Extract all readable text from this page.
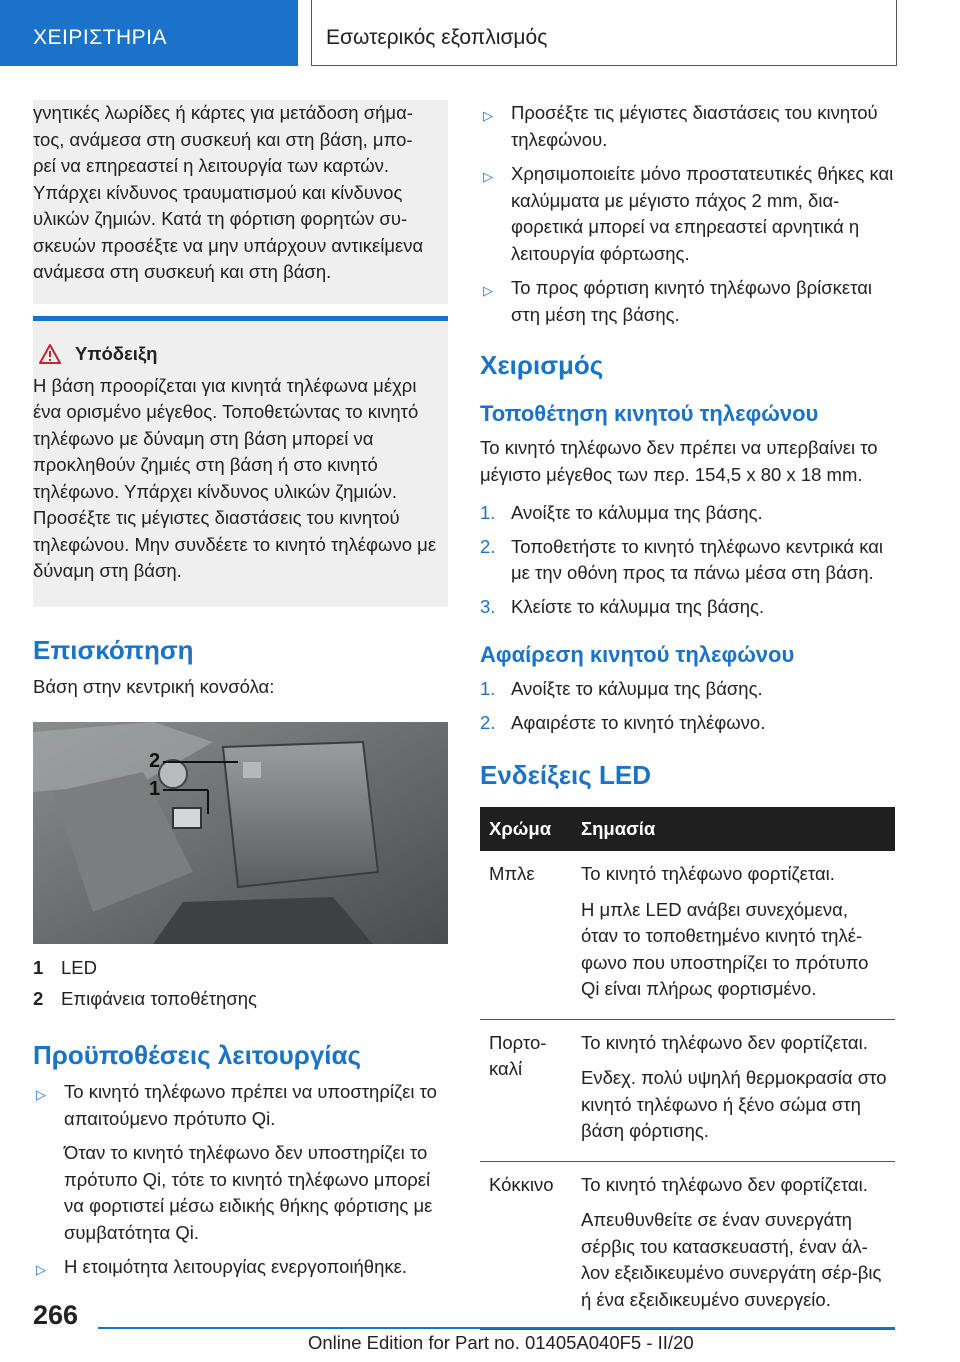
ΧΕΙΡΙΣΤΗΡΙΑ	Εσωτερικός εξοπλισμός

γνητικές λωρίδες ή κάρτες για μετάδοση σήμα-τος, ανάμεσα στη συσκευή και στη βάση, μπο-ρεί να επηρεαστεί η λειτουργία των καρτών. Υπάρχει κίνδυνος τραυματισμού και κίνδυνος υλικών ζημιών. Κατά τη φόρτιση φορητών συ-σκευών προσέξτε να μην υπάρχουν αντικείμενα ανάμεσα στη συσκευή και στη βάση.

Υπόδειξη

Η βάση προορίζεται για κινητά τηλέφωνα μέχρι ένα ορισμένο μέγεθος. Τοποθετώντας το κινητό τηλέφωνο με δύναμη στη βάση μπορεί να προκληθούν ζημιές στη βάση ή στο κινητό τηλέφωνο. Υπάρχει κίνδυνος υλικών ζημιών. Προσέξτε τις μέγιστες διαστάσεις του κινητού τηλεφώνου. Μην συνδέετε το κινητό τηλέφωνο με δύναμη στη βάση.

Επισκόπηση

Βάση στην κεντρική κονσόλα:

2
1
1 LED
2 Επιφάνεια τοποθέτησης
Προϋποθέσεις λειτουργίας
▷ Το κινητό τηλέφωνο πρέπει να υποστηρίζει το απαιτούμενο πρότυπο Qi.
Όταν το κινητό τηλέφωνο δεν υποστηρίζει το πρότυπο Qi, τότε το κινητό τηλέφωνο μπορεί να φορτιστεί μέσω ειδικής θήκης φόρτισης με συμβατότητα Qi.
▷ Η ετοιμότητα λειτουργίας ενεργοποιήθηκε.
▷ Προσέξτε τις μέγιστες διαστάσεις του κινητού τηλεφώνου.
▷ Χρησιμοποιείτε μόνο προστατευτικές θήκες και καλύμματα με μέγιστο πάχος 2 mm, δια-φορετικά μπορεί να επηρεαστεί αρνητικά η λειτουργία φόρτωσης.
▷ Το προς φόρτιση κινητό τηλέφωνο βρίσκεται στη μέση της βάσης.
Χειρισμός
Τοποθέτηση κινητού τηλεφώνου

Το κινητό τηλέφωνο δεν πρέπει να υπερβαίνει το μέγιστο μέγεθος των περ. 154,5 x 80 x 18 mm.

1. Ανοίξτε το κάλυμμα της βάσης.
2. Τοποθετήστε το κινητό τηλέφωνο κεντρικά και με την οθόνη προς τα πάνω μέσα στη βάση.
3. Κλείστε το κάλυμμα της βάσης.
Αφαίρεση κινητού τηλεφώνου
1. Ανοίξτε το κάλυμμα της βάσης.
2. Αφαιρέστε το κινητό τηλέφωνο.
Ενδείξεις LED
Χρώμα	Σημασία
Μπλε	Το κινητό τηλέφωνο φορτίζεται.
Η μπλε LED ανάβει συνεχόμενα, όταν το τοποθετημένο κινητό τηλέ-φωνο που υποστηρίζει το πρότυπο Qi είναι πλήρως φορτισμένο.

Πορτο-καλί	Το κινητό τηλέφωνο δεν φορτίζεται.
Ενδεχ. πολύ υψηλή θερμοκρασία στο κινητό τηλέφωνο ή ξένο σώμα στη βάση φόρτισης.

Κόκκινο	Το κινητό τηλέφωνο δεν φορτίζεται.
Απευθυνθείτε σε έναν συνεργάτη σέρβις του κατασκευαστή, έναν άλ-λον εξειδικευμένο συνεργάτη σέρ-βις ή ένα εξειδικευμένο συνεργείο.
266
Online Edition for Part no. 01405A040F5 - II/20
